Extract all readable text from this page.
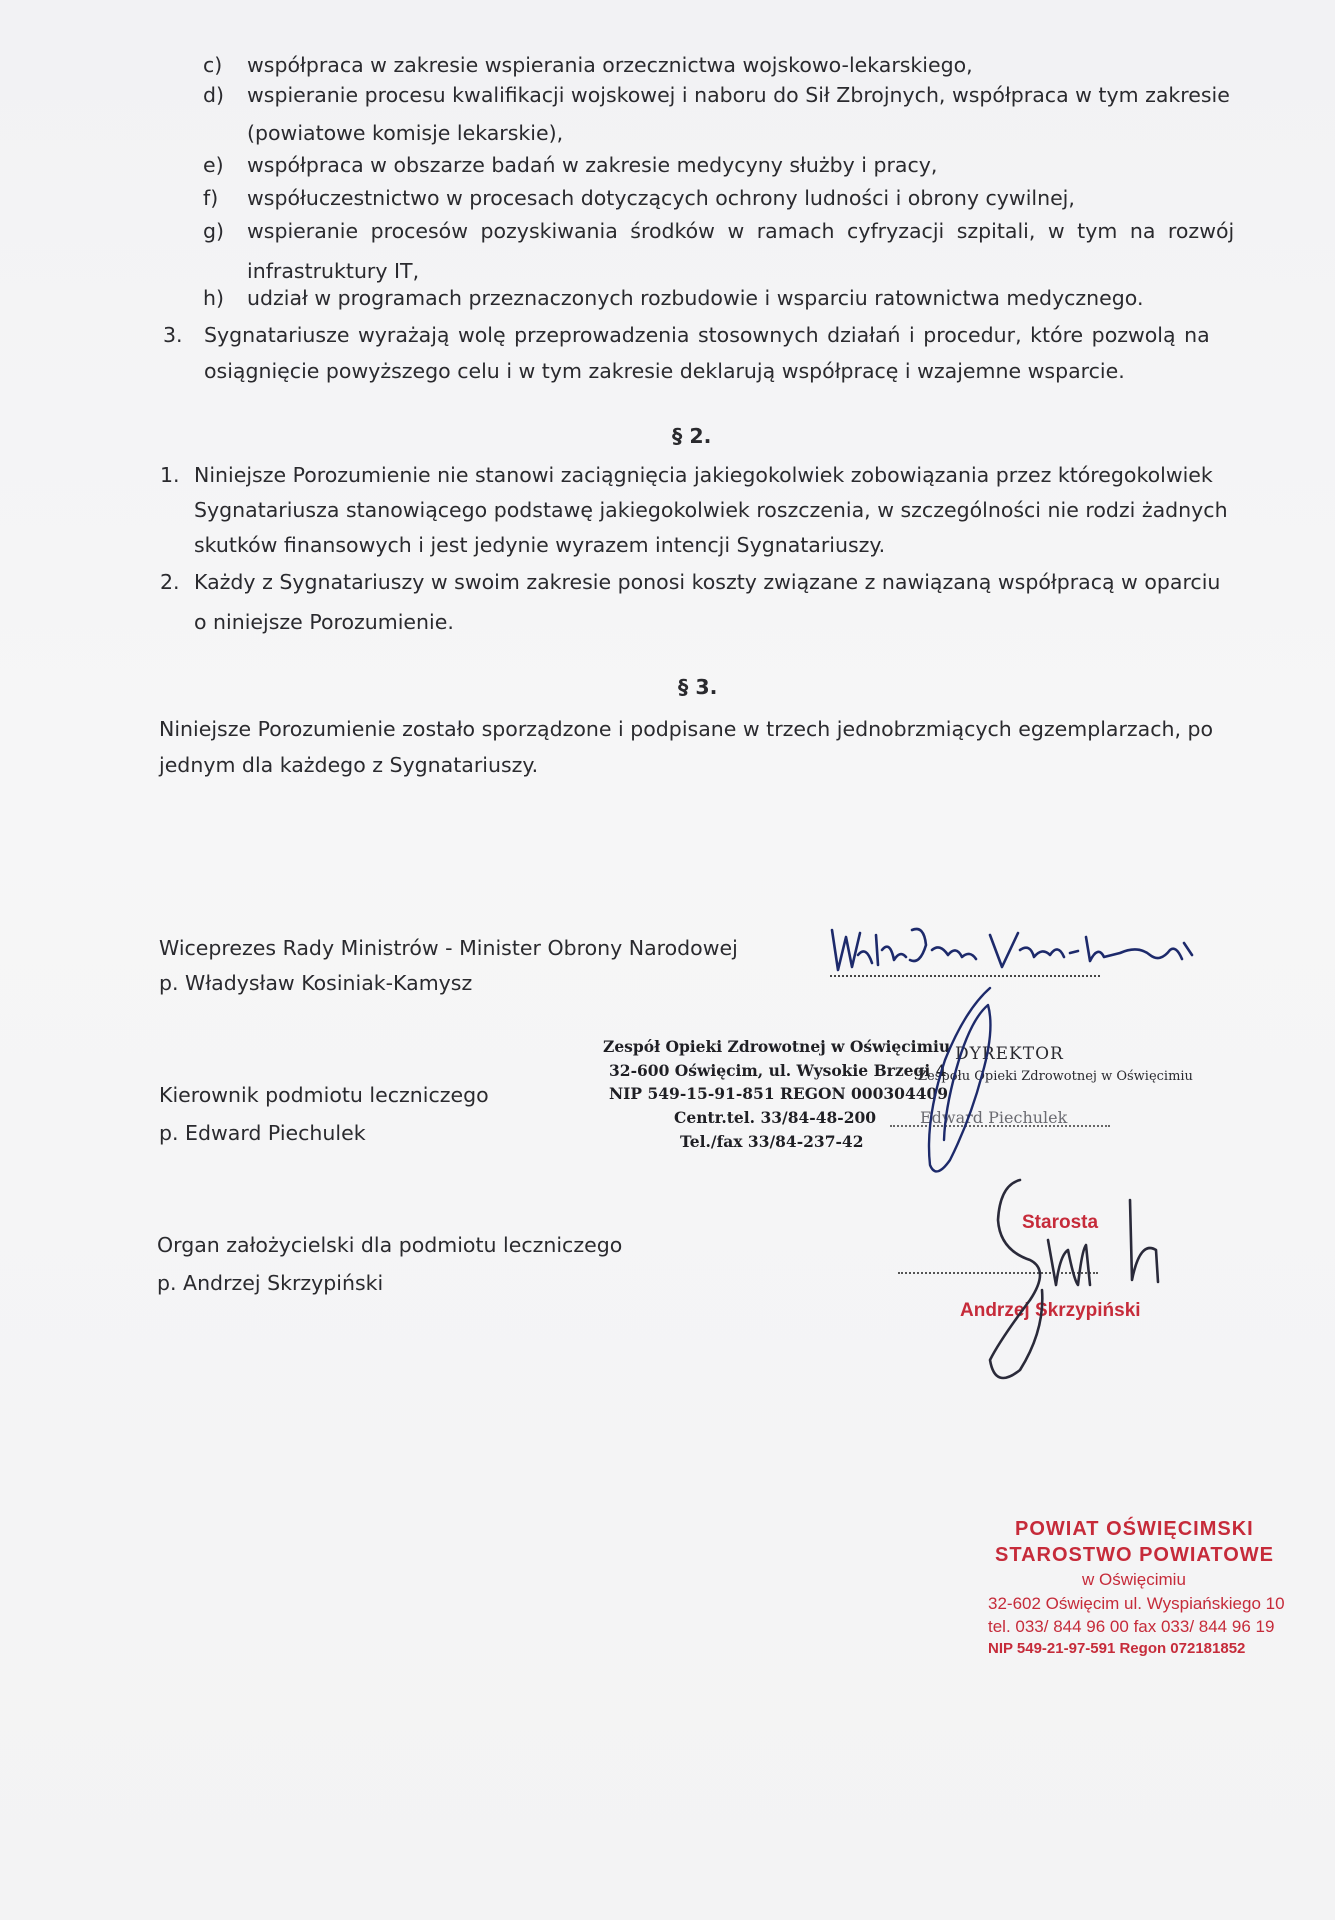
c) współpraca w zakresie wspierania orzecznictwa wojskowo-lekarskiego,
d) wspieranie procesu kwalifikacji wojskowej i naboru do Sił Zbrojnych, współpraca w tym zakresie
(powiatowe komisje lekarskie),
e) współpraca w obszarze badań w zakresie medycyny służby i pracy,
f) współuczestnictwo w procesach dotyczących ochrony ludności i obrony cywilnej,
g) wspieranie procesów pozyskiwania środków w ramach cyfryzacji szpitali, w tym na rozwój
infrastruktury IT,
h) udział w programach przeznaczonych rozbudowie i wsparciu ratownictwa medycznego.
3. Sygnatariusze wyrażają wolę przeprowadzenia stosownych działań i procedur, które pozwolą na
osiągnięcie powyższego celu i w tym zakresie deklarują współpracę i wzajemne wsparcie.
§ 2.
1. Niniejsze Porozumienie nie stanowi zaciągnięcia jakiegokolwiek zobowiązania przez któregokolwiek
Sygnatariusza stanowiącego podstawę jakiegokolwiek roszczenia, w szczególności nie rodzi żadnych
skutków finansowych i jest jedynie wyrazem intencji Sygnatariuszy.
2. Każdy z Sygnatariuszy w swoim zakresie ponosi koszty związane z nawiązaną współpracą w oparciu
o niniejsze Porozumienie.
§ 3.
Niniejsze Porozumienie zostało sporządzone i podpisane w trzech jednobrzmiących egzemplarzach, po
jednym dla każdego z Sygnatariuszy.
Wiceprezes Rady Ministrów - Minister Obrony Narodowej
p. Władysław Kosiniak-Kamysz
Kierownik podmiotu leczniczego
p. Edward Piechulek
Organ założycielski dla podmiotu leczniczego
p. Andrzej Skrzypiński
Zespół Opieki Zdrowotnej w Oświęcimiu
32-600 Oświęcim, ul. Wysokie Brzegi 4
NIP 549-15-91-851 REGON 000304409
Centr.tel. 33/84-48-200
Tel./fax 33/84-237-42
DYREKTOR
Zespołu Opieki Zdrowotnej w Oświęcimiu
Edward Piechulek
Starosta
Andrzej Skrzypiński
POWIAT OŚWIĘCIMSKI
STAROSTWO POWIATOWE
w Oświęcimiu
32-602 Oświęcim ul. Wyspiańskiego 10
tel. 033/ 844 96 00 fax 033/ 844 96 19
NIP 549-21-97-591 Regon 072181852
